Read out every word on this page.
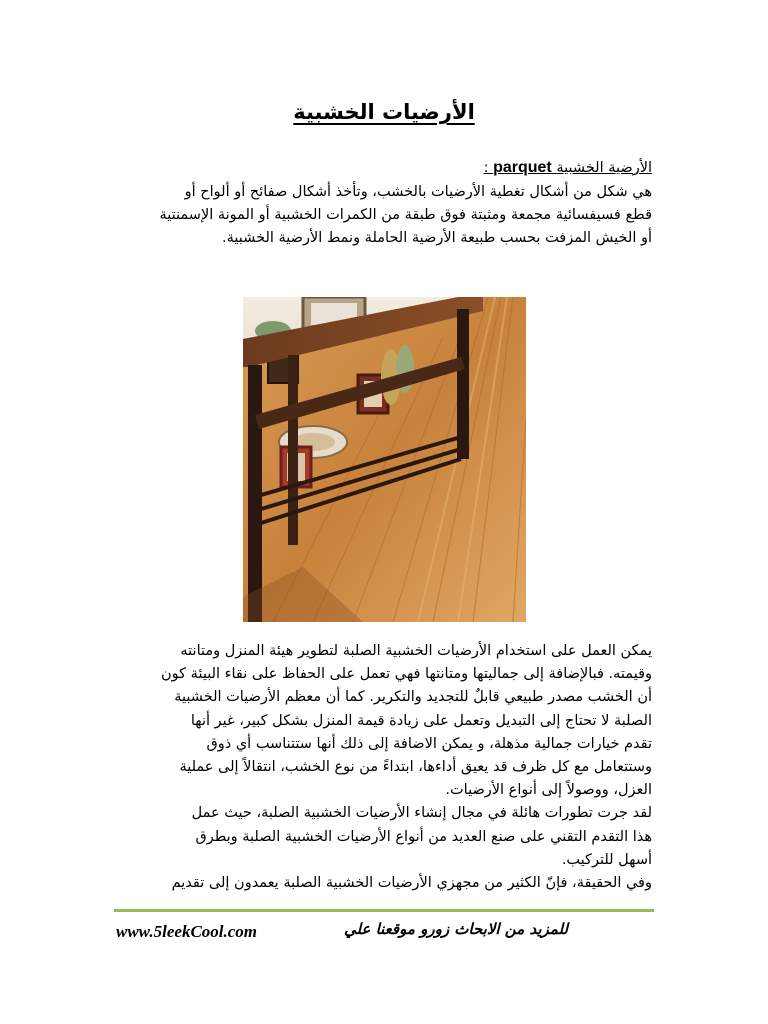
الأرضيات الخشبية
الأرضية الخشبية parquet :
هي شكل من أشكال تغطية الأرضيات بالخشب، وتأخذ أشكال صفائح أو ألواح أو
قطع فسيفسائية مجمعة ومثبتة فوق طبقة من الكمرات الخشبية أو المونة الإسمنتية
أو الخيش المزفت بحسب طبيعة الأرضية الحاملة ونمط الأرضية الخشبية.
يمكن العمل على استخدام الأرضيات الخشبية الصلبة لتطوير هيئة المنزل ومتانته
وقيمته. فبالإضافة إلى جماليتها ومتانتها فهي تعمل على الحفاظ على نقاء البيئة كون
أن الخشب مصدر طبيعي قابلٌ للتجديد والتكرير. كما أن معظم الأرضيات الخشبية
الصلبة لا تحتاج إلى التبديل وتعمل على زيادة قيمة المنزل بشكل كبير، غير أنها
تقدم خيارات جمالية مذهلة، و يمكن الاضافة إلى ذلك أنها ستتناسب أي ذوق
وستتعامل مع كل ظرف قد يعيق أداءها، ابتداءً من نوع الخشب، انتقالاً إلى عملية
العزل، ووصولاً إلى أنواع الأرضيات.
لقد جرت تطورات هائلة في مجال إنشاء الأرضيات الخشبية الصلبة، حيث عمل
هذا التقدم التقني على صنع العديد من أنواع الأرضيات الخشبية الصلبة وبطرق
أسهل للتركيب.
وفي الحقيقة، فإنّ الكثير من مجهزي الأرضيات الخشبية الصلبة يعمدون إلى تقديم
www.5leekCool.com	للمزيد من الابحاث زورو موقعنا علي
